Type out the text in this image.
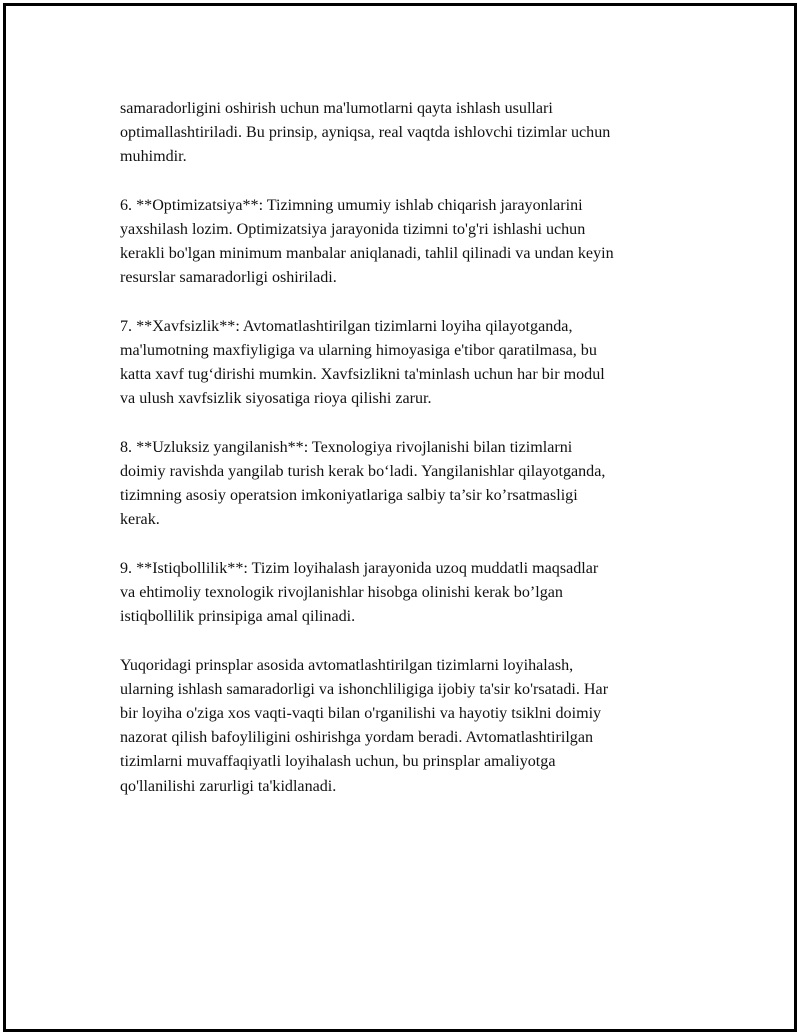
samaradorligini oshirish uchun ma'lumotlarni qayta ishlash usullari
optimallashtiriladi. Bu prinsip, ayniqsa, real vaqtda ishlovchi tizimlar uchun
muhimdir.

6. **Optimizatsiya**: Tizimning umumiy ishlab chiqarish jarayonlarini
yaxshilash lozim. Optimizatsiya jarayonida tizimni to'g'ri ishlashi uchun
kerakli bo'lgan minimum manbalar aniqlanadi, tahlil qilinadi va undan keyin
resurslar samaradorligi oshiriladi.

7. **Xavfsizlik**: Avtomatlashtirilgan tizimlarni loyiha qilayotganda,
ma'lumotning maxfiyligiga va ularning himoyasiga e'tibor qaratilmasa, bu
katta xavf tug‘dirishi mumkin. Xavfsizlikni ta'minlash uchun har bir modul
va ulush xavfsizlik siyosatiga rioya qilishi zarur.

8. **Uzluksiz yangilanish**: Texnologiya rivojlanishi bilan tizimlarni
doimiy ravishda yangilab turish kerak bo‘ladi. Yangilanishlar qilayotganda,
tizimning asosiy operatsion imkoniyatlariga salbiy ta’sir ko’rsatmasligi
kerak.

9. **Istiqbollilik**: Tizim loyihalash jarayonida uzoq muddatli maqsadlar
va ehtimoliy texnologik rivojlanishlar hisobga olinishi kerak bo’lgan
istiqbollilik prinsipiga amal qilinadi.

Yuqoridagi prinsplar asosida avtomatlashtirilgan tizimlarni loyihalash,
ularning ishlash samaradorligi va ishonchliligiga ijobiy ta'sir ko'rsatadi. Har
bir loyiha o'ziga xos vaqti-vaqti bilan o'rganilishi va hayotiy tsiklni doimiy
nazorat qilish bafoyliligini oshirishga yordam beradi. Avtomatlashtirilgan
tizimlarni muvaffaqiyatli loyihalash uchun, bu prinsplar amaliyotga
qo'llanilishi zarurligi ta'kidlanadi.
